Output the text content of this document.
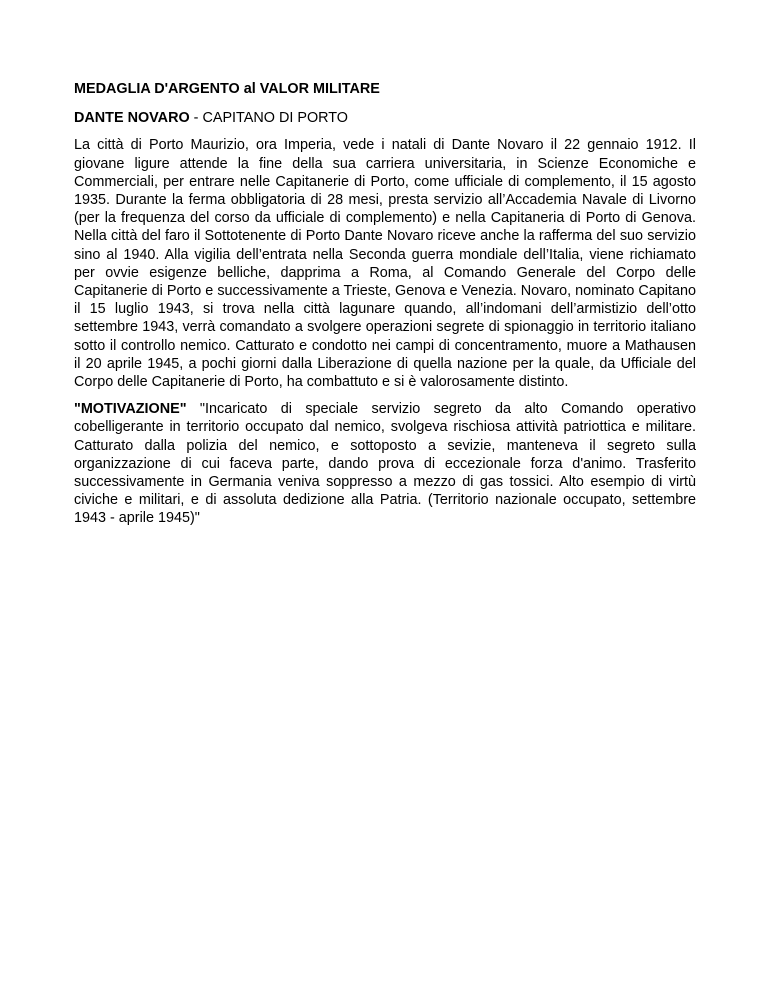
MEDAGLIA D'ARGENTO al VALOR MILITARE

DANTE NOVARO - CAPITANO DI PORTO

La città di Porto Maurizio, ora Imperia, vede i natali di Dante Novaro il 22 gennaio 1912. Il giovane ligure attende la fine della sua carriera universitaria, in Scienze Economiche e Commerciali, per entrare nelle Capitanerie di Porto, come ufficiale di complemento, il 15 agosto 1935. Durante la ferma obbligatoria di 28 mesi, presta servizio all’Accademia Navale di Livorno (per la frequenza del corso da ufficiale di complemento) e nella Capitaneria di Porto di Genova. Nella città del faro il Sottotenente di Porto Dante Novaro riceve anche la rafferma del suo servizio sino al 1940. Alla vigilia dell’entrata nella Seconda guerra mondiale dell’Italia, viene richiamato per ovvie esigenze belliche, dapprima a Roma, al Comando Generale del Corpo delle Capitanerie di Porto e successivamente a Trieste, Genova e Venezia. Novaro, nominato Capitano il 15 luglio 1943, si trova nella città lagunare quando, all’indomani dell’armistizio dell’otto settembre 1943, verrà comandato a svolgere operazioni segrete di spionaggio in territorio italiano sotto il controllo nemico. Catturato e condotto nei campi di concentramento, muore a Mathausen il 20 aprile 1945, a pochi giorni dalla Liberazione di quella nazione per la quale, da Ufficiale del Corpo delle Capitanerie di Porto, ha combattuto e si è valorosamente distinto.

"MOTIVAZIONE" "Incaricato di speciale servizio segreto da alto Comando operativo cobelligerante in territorio occupato dal nemico, svolgeva rischiosa attività patriottica e militare. Catturato dalla polizia del nemico, e sottoposto a sevizie, manteneva il segreto sulla organizzazione di cui faceva parte, dando prova di eccezionale forza d'animo. Trasferito successivamente in Germania veniva soppresso a mezzo di gas tossici. Alto esempio di virtù civiche e militari, e di assoluta dedizione alla Patria. (Territorio nazionale occupato, settembre 1943 - aprile 1945)"
